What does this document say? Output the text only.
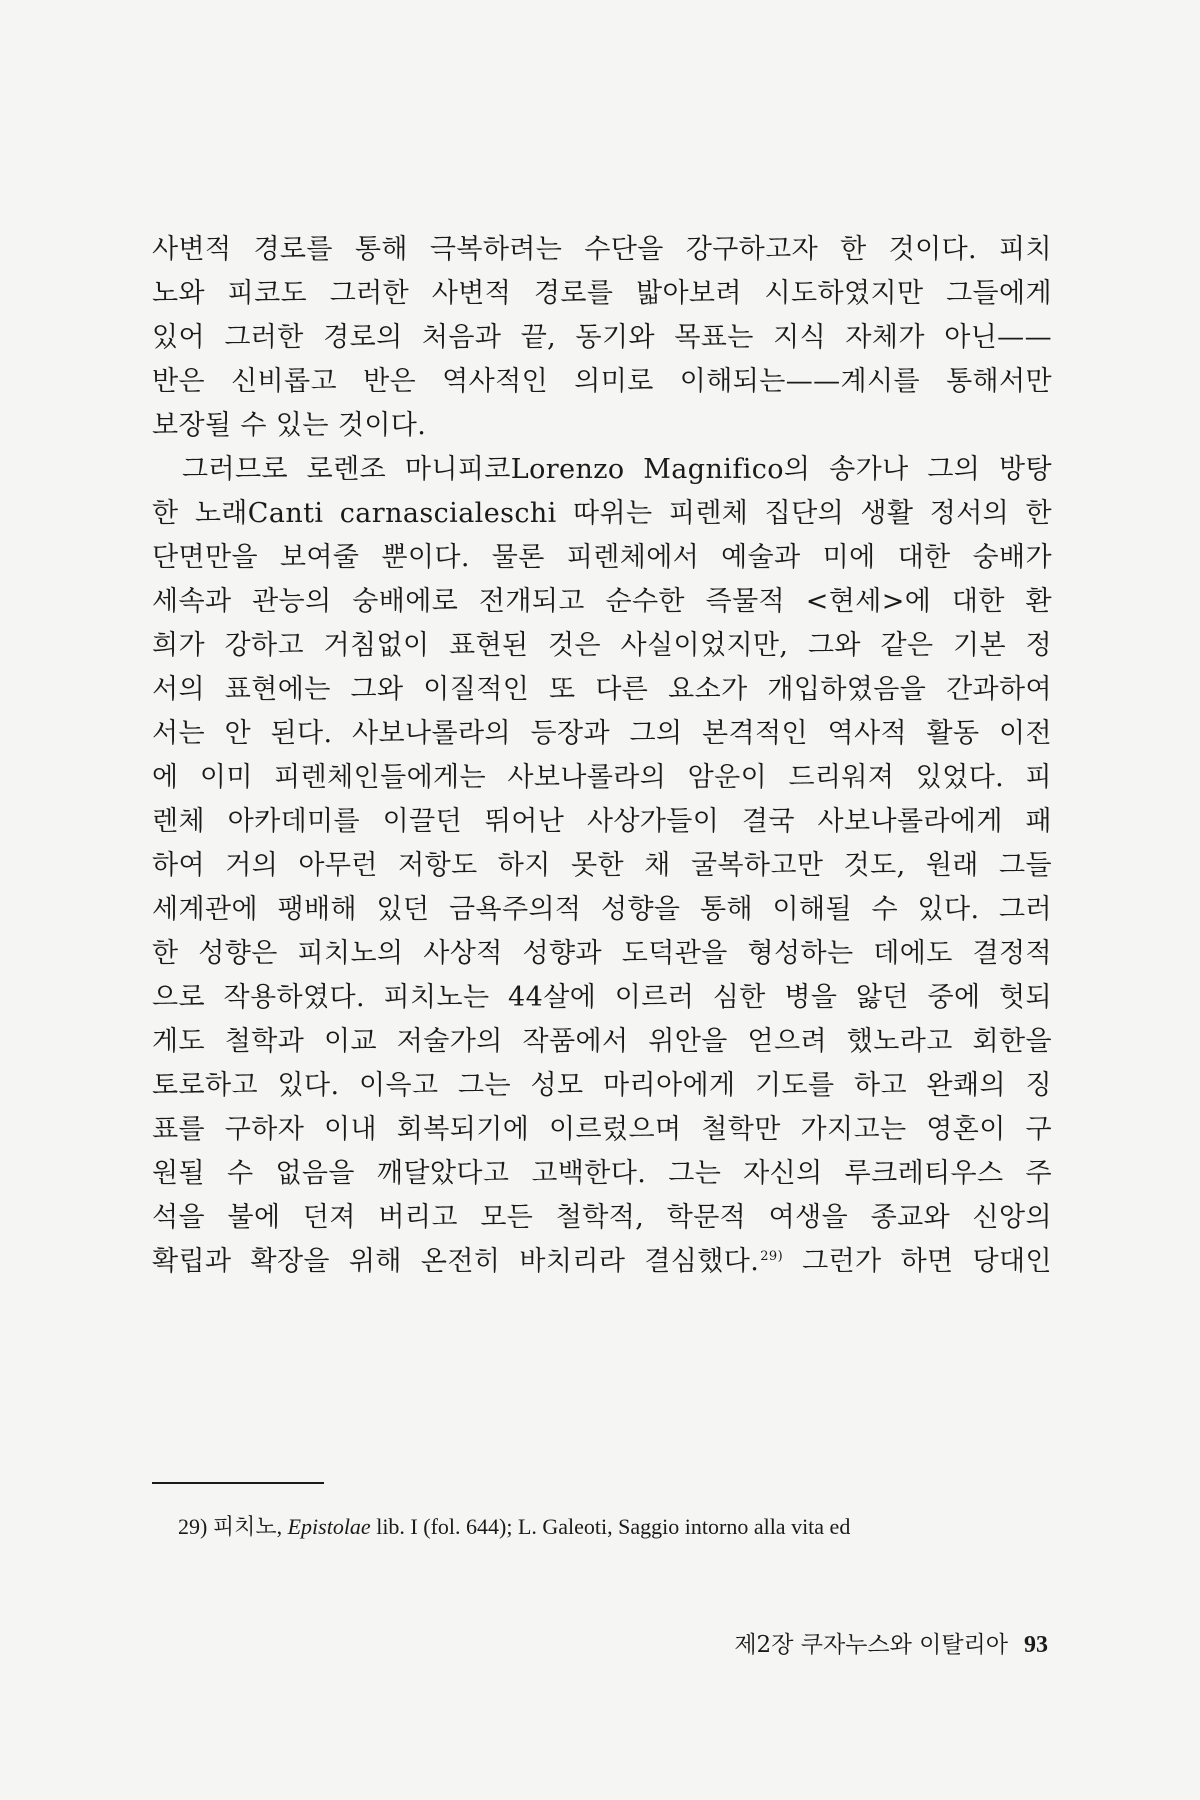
사변적 경로를 통해 극복하려는 수단을 강구하고자 한 것이다. 피치
노와 피코도 그러한 사변적 경로를 밟아보려 시도하였지만 그들에게
있어 그러한 경로의 처음과 끝, 동기와 목표는 지식 자체가 아닌——
반은 신비롭고 반은 역사적인 의미로 이해되는——계시를 통해서만
보장될 수 있는 것이다.
그러므로 로렌조 마니피코Lorenzo Magnifico의 송가나 그의 방탕
한 노래Canti carnascialeschi 따위는 피렌체 집단의 생활 정서의 한
단면만을 보여줄 뿐이다. 물론 피렌체에서 예술과 미에 대한 숭배가
세속과 관능의 숭배에로 전개되고 순수한 즉물적 <현세>에 대한 환
희가 강하고 거침없이 표현된 것은 사실이었지만, 그와 같은 기본 정
서의 표현에는 그와 이질적인 또 다른 요소가 개입하였음을 간과하여
서는 안 된다. 사보나롤라의 등장과 그의 본격적인 역사적 활동 이전
에 이미 피렌체인들에게는 사보나롤라의 암운이 드리워져 있었다. 피
렌체 아카데미를 이끌던 뛰어난 사상가들이 결국 사보나롤라에게 패
하여 거의 아무런 저항도 하지 못한 채 굴복하고만 것도, 원래 그들
세계관에 팽배해 있던 금욕주의적 성향을 통해 이해될 수 있다. 그러
한 성향은 피치노의 사상적 성향과 도덕관을 형성하는 데에도 결정적
으로 작용하였다. 피치노는 44살에 이르러 심한 병을 앓던 중에 헛되
게도 철학과 이교 저술가의 작품에서 위안을 얻으려 했노라고 회한을
토로하고 있다. 이윽고 그는 성모 마리아에게 기도를 하고 완쾌의 징
표를 구하자 이내 회복되기에 이르렀으며 철학만 가지고는 영혼이 구
원될 수 없음을 깨달았다고 고백한다. 그는 자신의 루크레티우스 주
석을 불에 던져 버리고 모든 철학적, 학문적 여생을 종교와 신앙의
확립과 확장을 위해 온전히 바치리라 결심했다.$^{29)}$ 그런가 하면 당대인
29) 피치노, Epistolae lib. I (fol. 644); L. Galeoti, Saggio intorno alla vita ed
제2장 쿠자누스와 이탈리아 93
